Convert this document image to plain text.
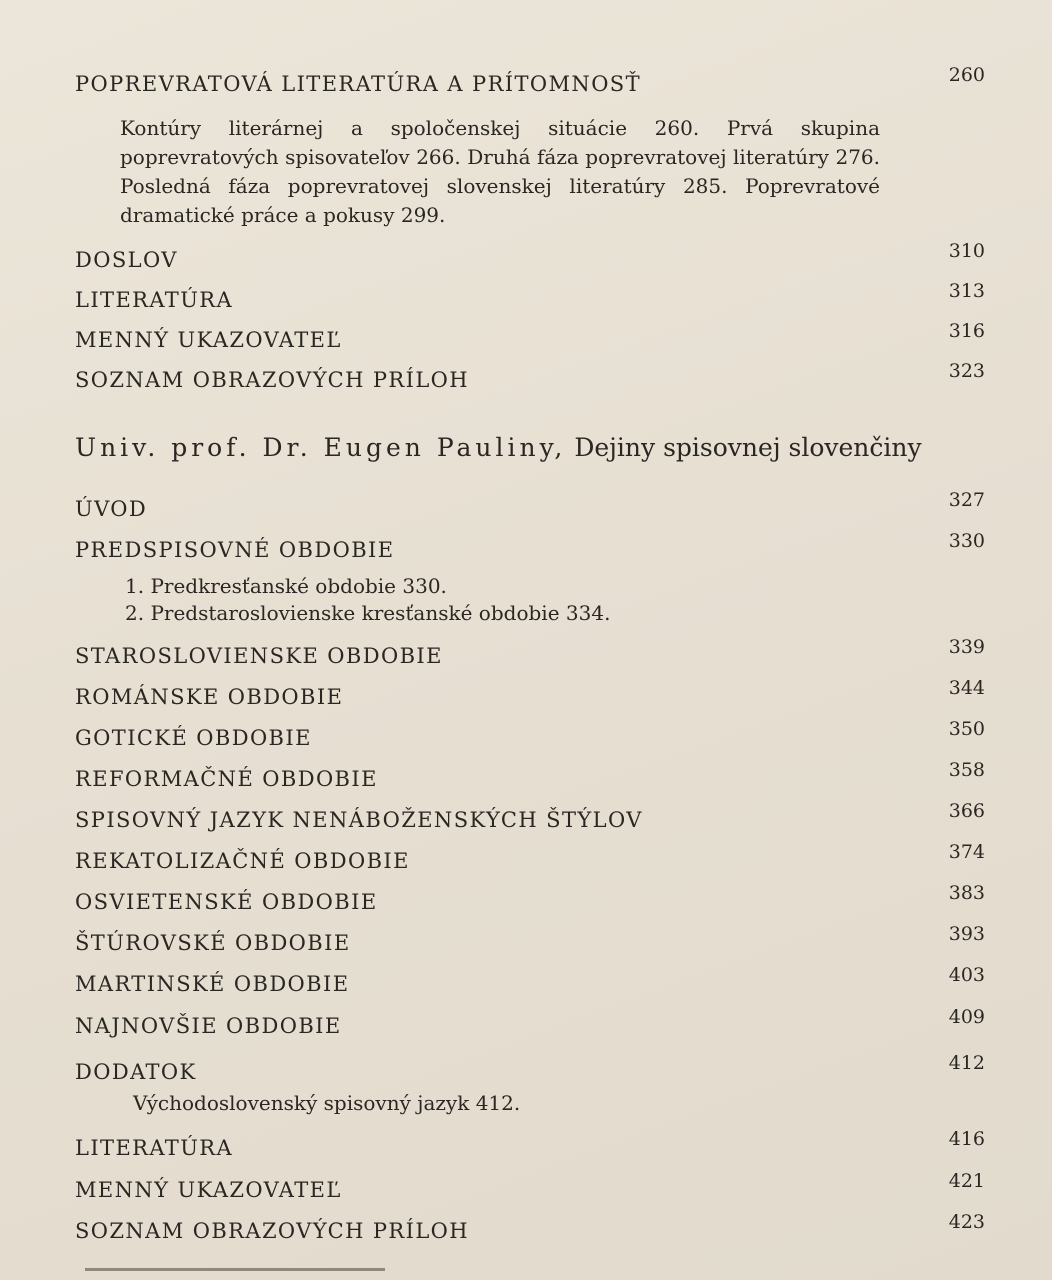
POPREVRATOVÁ LITERATÚRA A PRÍTOMNOSŤ	260

Kontúry literárnej a spoločenskej situácie 260. Prvá skupina poprevratových spisovateľov 266. Druhá fáza poprevratovej literatúry 276. Posledná fáza poprevratovej slovenskej literatúry 285. Poprevratové dramatické práce a pokusy 299.

DOSLOV	310
LITERATÚRA	313
MENNÝ UKAZOVATEĽ	316
SOZNAM OBRAZOVÝCH PRÍLOH	323
Univ. prof. Dr. Eugen Pauliny, Dejiny spisovnej slovenčiny
ÚVOD	327
PREDSPISOVNÉ OBDOBIE	330
1. Predkresťanské obdobie 330.
2. Predstaroslovienske kresťanské obdobie 334.
STAROSLOVIENSKE OBDOBIE	339
ROMÁNSKE OBDOBIE	344
GOTICKÉ OBDOBIE	350
REFORMAČNÉ OBDOBIE	358
SPISOVNÝ JAZYK NENÁBOŽENSKÝCH ŠTÝLOV	366
REKATOLIZAČNÉ OBDOBIE	374
OSVIETENSKÉ OBDOBIE	383
ŠTÚROVSKÉ OBDOBIE	393
MARTINSKÉ OBDOBIE	403
NAJNOVŠIE OBDOBIE	409
DODATOK	412
Východoslovenský spisovný jazyk 412.
LITERATÚRA	416
MENNÝ UKAZOVATEĽ	421
SOZNAM OBRAZOVÝCH PRÍLOH	423
